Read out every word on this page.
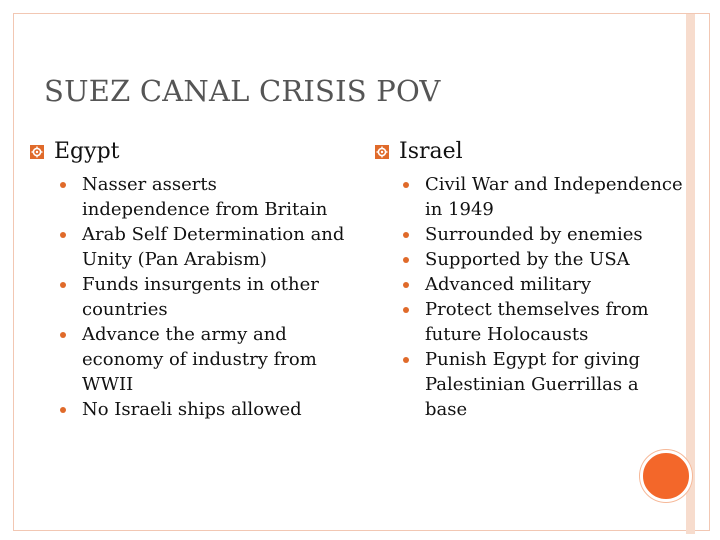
SUEZ CANAL CRISIS POV
Egypt
Nasser asserts independence from Britain
Arab Self Determination and Unity (Pan Arabism)
Funds insurgents in other countries
Advance the army and economy of industry from WWII
No Israeli ships allowed
Israel
Civil War and Independence in 1949
Surrounded by enemies
Supported by the USA
Advanced military
Protect themselves from future Holocausts
Punish Egypt for giving Palestinian Guerrillas a base
